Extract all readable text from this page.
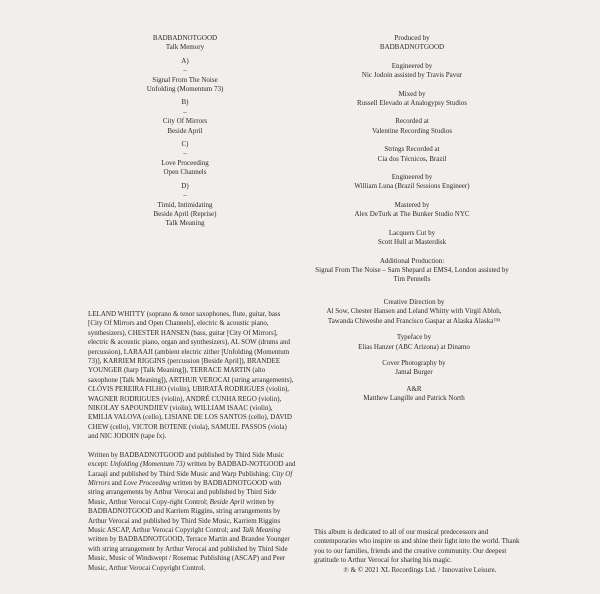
BADBADNOTGOOD
Talk Memory
A)
–
Signal From The Noise
Unfolding (Momentum 73)
B)
–
City Of Mirrors
Beside April
C)
–
Love Proceeding
Open Channels
D)
–
Timid, Intimidating
Beside April (Reprise)
Talk Meaning
Produced by
BADBADNOTGOOD
Engineered by
Nic Jodoin assisted by Travis Pavur
Mixed by
Russell Elevado at Analogypsy Studios
Recorded at
Valentine Recording Studios
Strings Recorded at
Cia dos Técnicos, Brazil
Engineered by
William Luna (Brazil Sessions Engineer)
Mastered by
Alex DeTurk at The Bunker Studio NYC
Lacquers Cut by
Scott Hull at Masterdisk
Additional Production:
Signal From The Noise – Sam Shepard at EMS4, London assisted by Tim Pennells

LELAND WHITTY (soprano & tenor saxophones, flute, guitar, bass [City Of Mirrors and Open Channels], electric & acoustic piano, synthesizers), CHESTER HANSEN (bass, guitar [City Of Mirrors], electric & acoustic piano, organ and synthesizers), AL SOW (drums and percussion), LARAAJI (ambient electric zither [Unfolding (Momentum 73)], KARRIEM RIGGINS (percussion [Beside April]), BRANDEE YOUNGER (harp [Talk Meaning]), TERRACE MARTIN (alto saxophone [Talk Meaning]), ARTHUR VEROCAI (string arrangements), CLÓVIS PEREIRA FILHO (violin), UBIRATÃ RODRIGUES (violin), WAGNER RODRIGUES (violin), ANDRÉ CUNHA REGO (violin), NIKOLAY SAPOUNDJIEV (violin), WILLIAM ISAAC (violin), EMILIA VALOVA (cello), LISIANE DE LOS SANTOS (cello), DAVID CHEW (cello), VICTOR BOTENE (viola), SAMUEL PASSOS (viola) and NIC JODOIN (tape fx).

Written by BADBADNOTGOOD and published by Third Side Music except: Unfolding (Momentum 73) written by BADBAD-NOTGOOD and Laraaji and published by Third Side Music and Warp Publishing; City Of Mirrors and Love Proceeding written by BADBADNOTGOOD with string arrangements by Arthur Verocai and published by Third Side Music, Arthur Verocai Copy-right Control; Beside April written by BADBADNOTGOOD and Karriem Riggins, string arrangements by Arthur Verocai and published by Third Side Music, Karriem Riggins Music ASCAP, Arthur Verocai Copyright Control; and Talk Meaning written by BADBADNOTGOOD, Terrace Martin and Brandee Younger with string arrangement by Arthur Verocai and published by Third Side Music, Music of Windswept / Rosemac Publishing (ASCAP) and Peer Music, Arthur Verocai Copyright Control.

Creative Direction by
Al Sow, Chester Hansen and Leland Whitty with Virgil Abloh, Tawanda Chiweshe and Francisco Gaspar at Alaska Alaska™
Typeface by
Elias Hanzer (ABC Arizona) at Dinamo
Cover Photography by
Jamal Burger
A&R
Matthew Langille and Patrick North
This album is dedicated to all of our musical predecessors and contemporaries who inspire us and shine their light into the world. Thank you to our families, friends and the creative community. Our deepest gratitude to Arthur Verocai for sharing his magic.
℗ & © 2021 XL Recordings Ltd. / Innovative Leisure.
